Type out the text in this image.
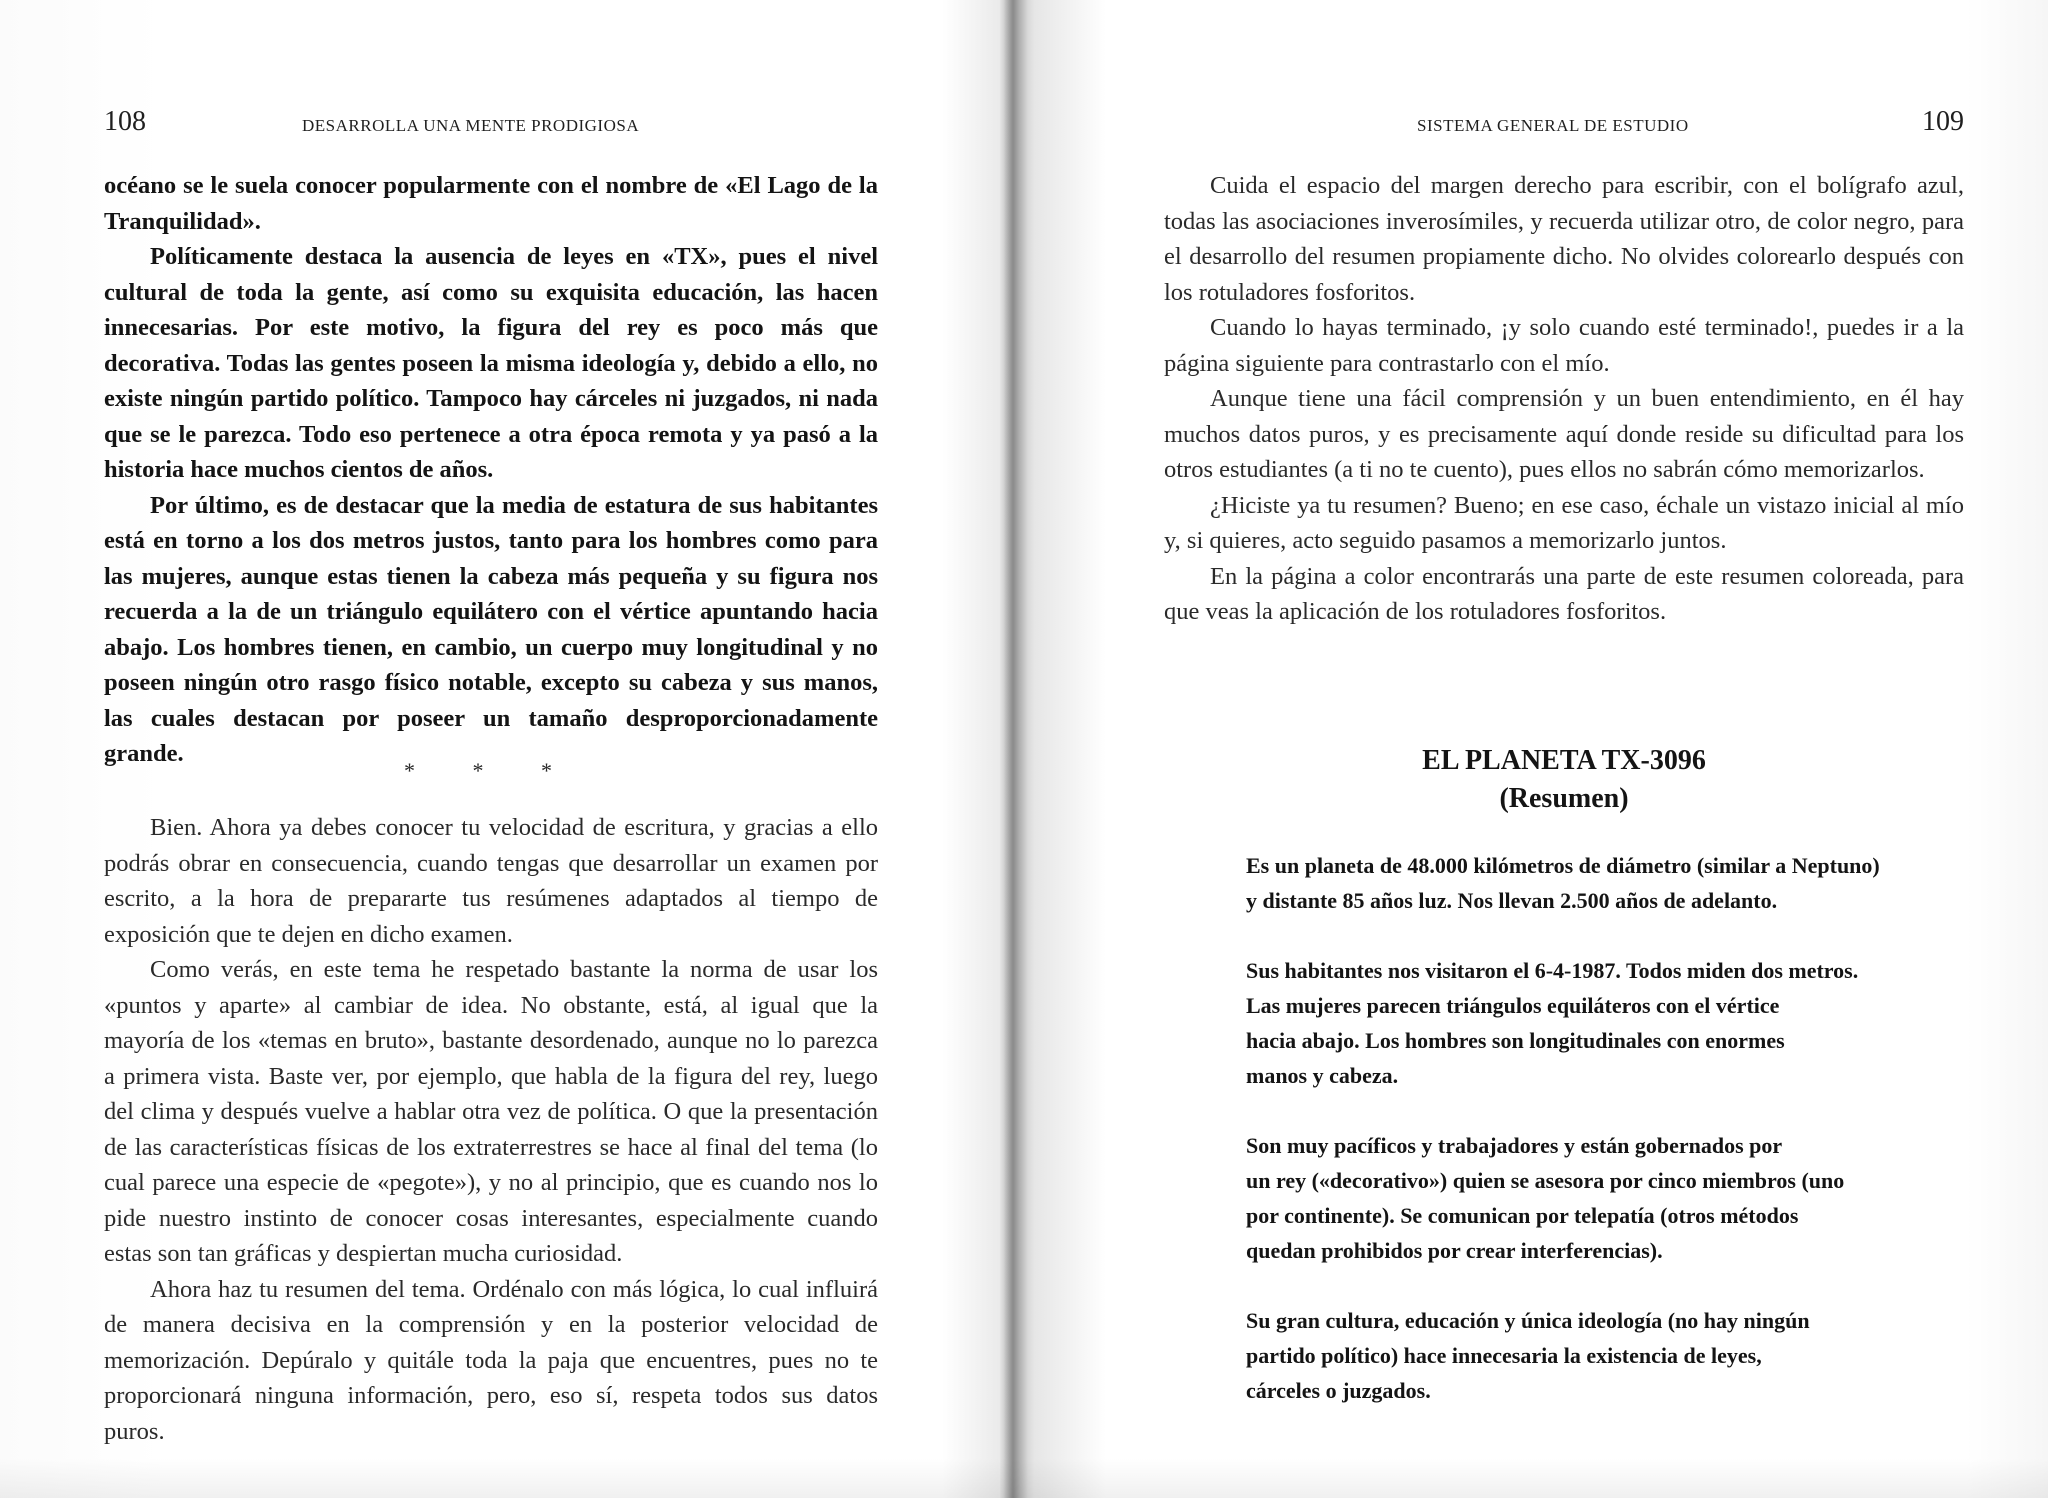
108	DESARROLLA UNA MENTE PRODIGIOSA

océano se le suela conocer popularmente con el nombre de «El Lago de la Tranquilidad».

Políticamente destaca la ausencia de leyes en «TX», pues el nivel cultural de toda la gente, así como su exquisita educación, las hacen innecesarias. Por este motivo, la figura del rey es poco más que decorativa. Todas las gentes poseen la misma ideología y, debido a ello, no existe ningún partido político. Tampoco hay cárceles ni juzgados, ni nada que se le parezca. Todo eso pertenece a otra época remota y ya pasó a la historia hace muchos cientos de años.

Por último, es de destacar que la media de estatura de sus habitantes está en torno a los dos metros justos, tanto para los hombres como para las mujeres, aunque estas tienen la cabeza más pequeña y su figura nos recuerda a la de un triángulo equilátero con el vértice apuntando hacia abajo. Los hombres tienen, en cambio, un cuerpo muy longitudinal y no poseen ningún otro rasgo físico notable, excepto su cabeza y sus manos, las cuales destacan por poseer un tamaño desproporcionadamente grande.

* * *

Bien. Ahora ya debes conocer tu velocidad de escritura, y gracias a ello podrás obrar en consecuencia, cuando tengas que desarrollar un examen por escrito, a la hora de prepararte tus resúmenes adaptados al tiempo de exposición que te dejen en dicho examen.

Como verás, en este tema he respetado bastante la norma de usar los «puntos y aparte» al cambiar de idea. No obstante, está, al igual que la mayoría de los «temas en bruto», bastante desordenado, aunque no lo parezca a primera vista. Baste ver, por ejemplo, que habla de la figura del rey, luego del clima y después vuelve a hablar otra vez de política. O que la presentación de las características físicas de los extraterrestres se hace al final del tema (lo cual parece una especie de «pegote»), y no al principio, que es cuando nos lo pide nuestro instinto de conocer cosas interesantes, especialmente cuando estas son tan gráficas y despiertan mucha curiosidad.

Ahora haz tu resumen del tema. Ordénalo con más lógica, lo cual influirá de manera decisiva en la comprensión y en la posterior velocidad de memorización. Depúralo y quitále toda la paja que encuentres, pues no te proporcionará ninguna información, pero, eso sí, respeta todos sus datos puros.

SISTEMA GENERAL DE ESTUDIO	109

Cuida el espacio del margen derecho para escribir, con el bolígrafo azul, todas las asociaciones inverosímiles, y recuerda utilizar otro, de color negro, para el desarrollo del resumen propiamente dicho. No olvides colorearlo después con los rotuladores fosforitos.

Cuando lo hayas terminado, ¡y solo cuando esté terminado!, puedes ir a la página siguiente para contrastarlo con el mío.

Aunque tiene una fácil comprensión y un buen entendimiento, en él hay muchos datos puros, y es precisamente aquí donde reside su dificultad para los otros estudiantes (a ti no te cuento), pues ellos no sabrán cómo memorizarlos.

¿Hiciste ya tu resumen? Bueno; en ese caso, échale un vistazo inicial al mío y, si quieres, acto seguido pasamos a memorizarlo juntos.

En la página a color encontrarás una parte de este resumen coloreada, para que veas la aplicación de los rotuladores fosforitos.

EL PLANETA TX-3096
(Resumen)
Es un planeta de 48.000 kilómetros de diámetro (similar a Neptuno)
y distante 85 años luz. Nos llevan 2.500 años de adelanto.
Sus habitantes nos visitaron el 6-4-1987. Todos miden dos metros.
Las mujeres parecen triángulos equiláteros con el vértice
hacia abajo. Los hombres son longitudinales con enormes
manos y cabeza.
Son muy pacíficos y trabajadores y están gobernados por
un rey («decorativo») quien se asesora por cinco miembros (uno
por continente). Se comunican por telepatía (otros métodos
quedan prohibidos por crear interferencias).
Su gran cultura, educación y única ideología (no hay ningún
partido político) hace innecesaria la existencia de leyes,
cárceles o juzgados.
